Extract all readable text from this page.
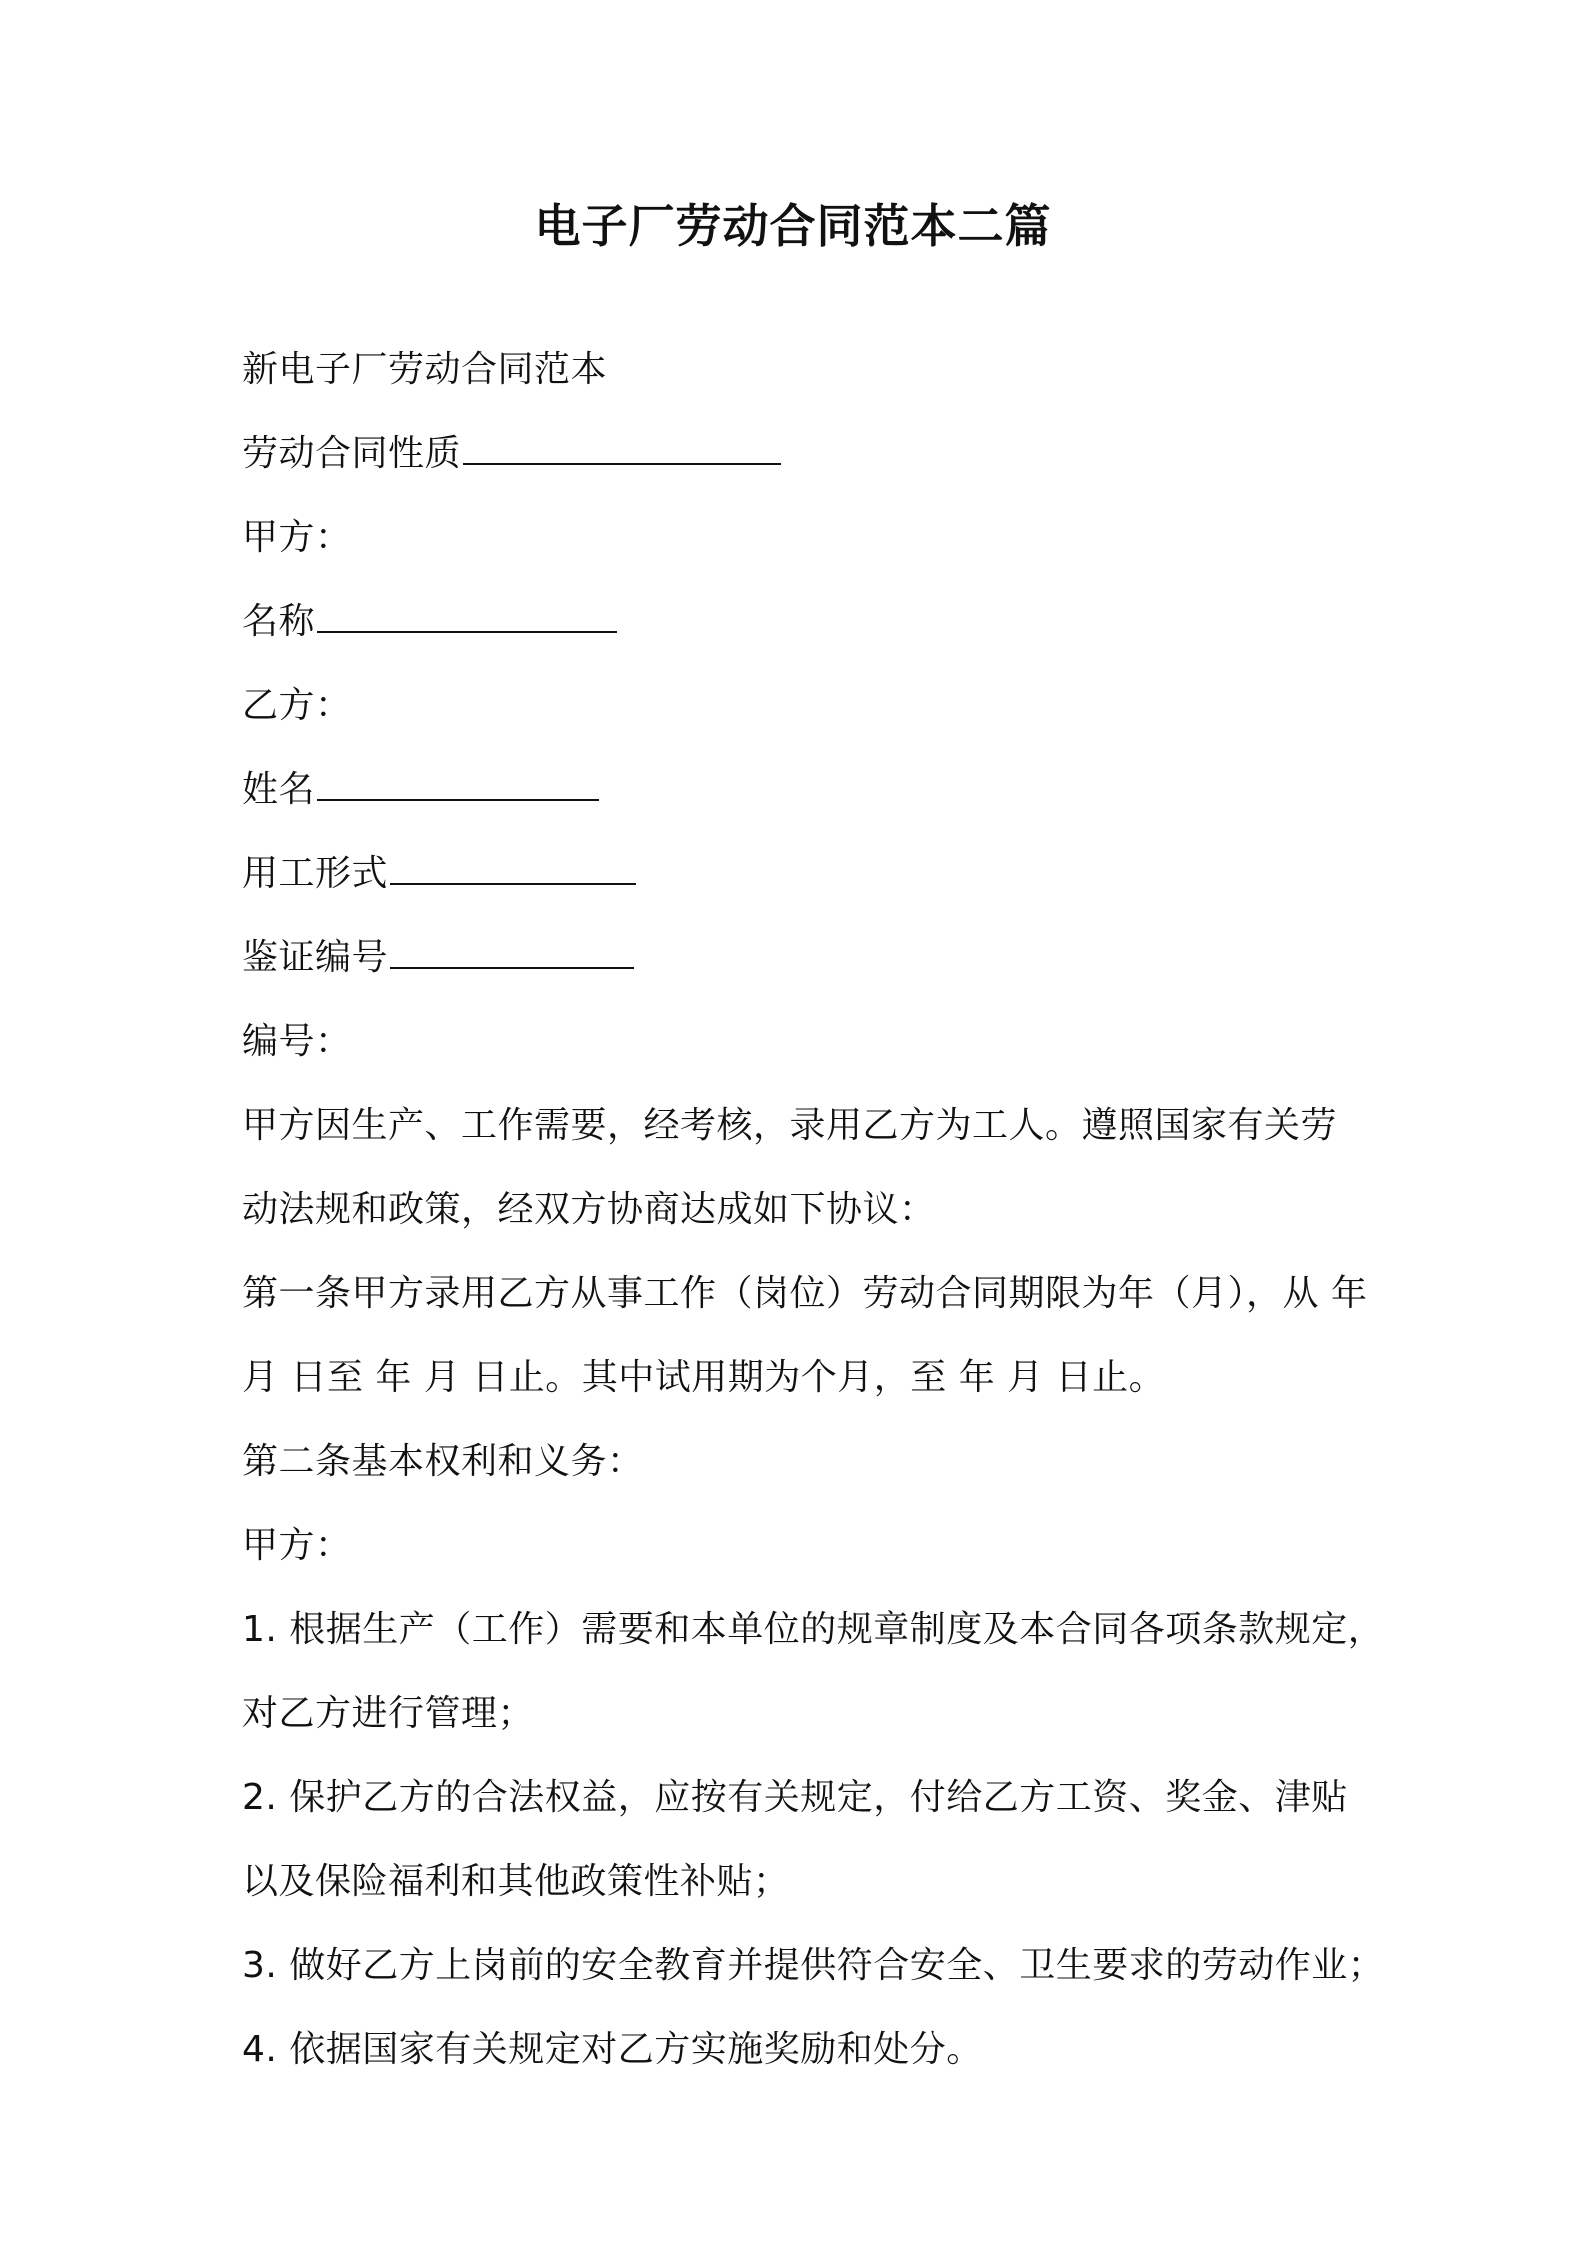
电子厂劳动合同范本二篇
新电子厂劳动合同范本
劳动合同性质
甲方：
名称
乙方：
姓名
用工形式
鉴证编号
编号：
甲方因生产、工作需要，经考核，录用乙方为工人。遵照国家有关劳
动法规和政策，经双方协商达成如下协议：
第一条甲方录用乙方从事工作（岗位）劳动合同期限为年（月），从 年
月 日至 年 月 日止。其中试用期为个月，至 年 月 日止。
第二条基本权利和义务：
甲方：
1. 根据生产（工作）需要和本单位的规章制度及本合同各项条款规定，
对乙方进行管理；
2. 保护乙方的合法权益，应按有关规定，付给乙方工资、奖金、津贴
以及保险福利和其他政策性补贴；
3. 做好乙方上岗前的安全教育并提供符合安全、卫生要求的劳动作业；
4. 依据国家有关规定对乙方实施奖励和处分。
